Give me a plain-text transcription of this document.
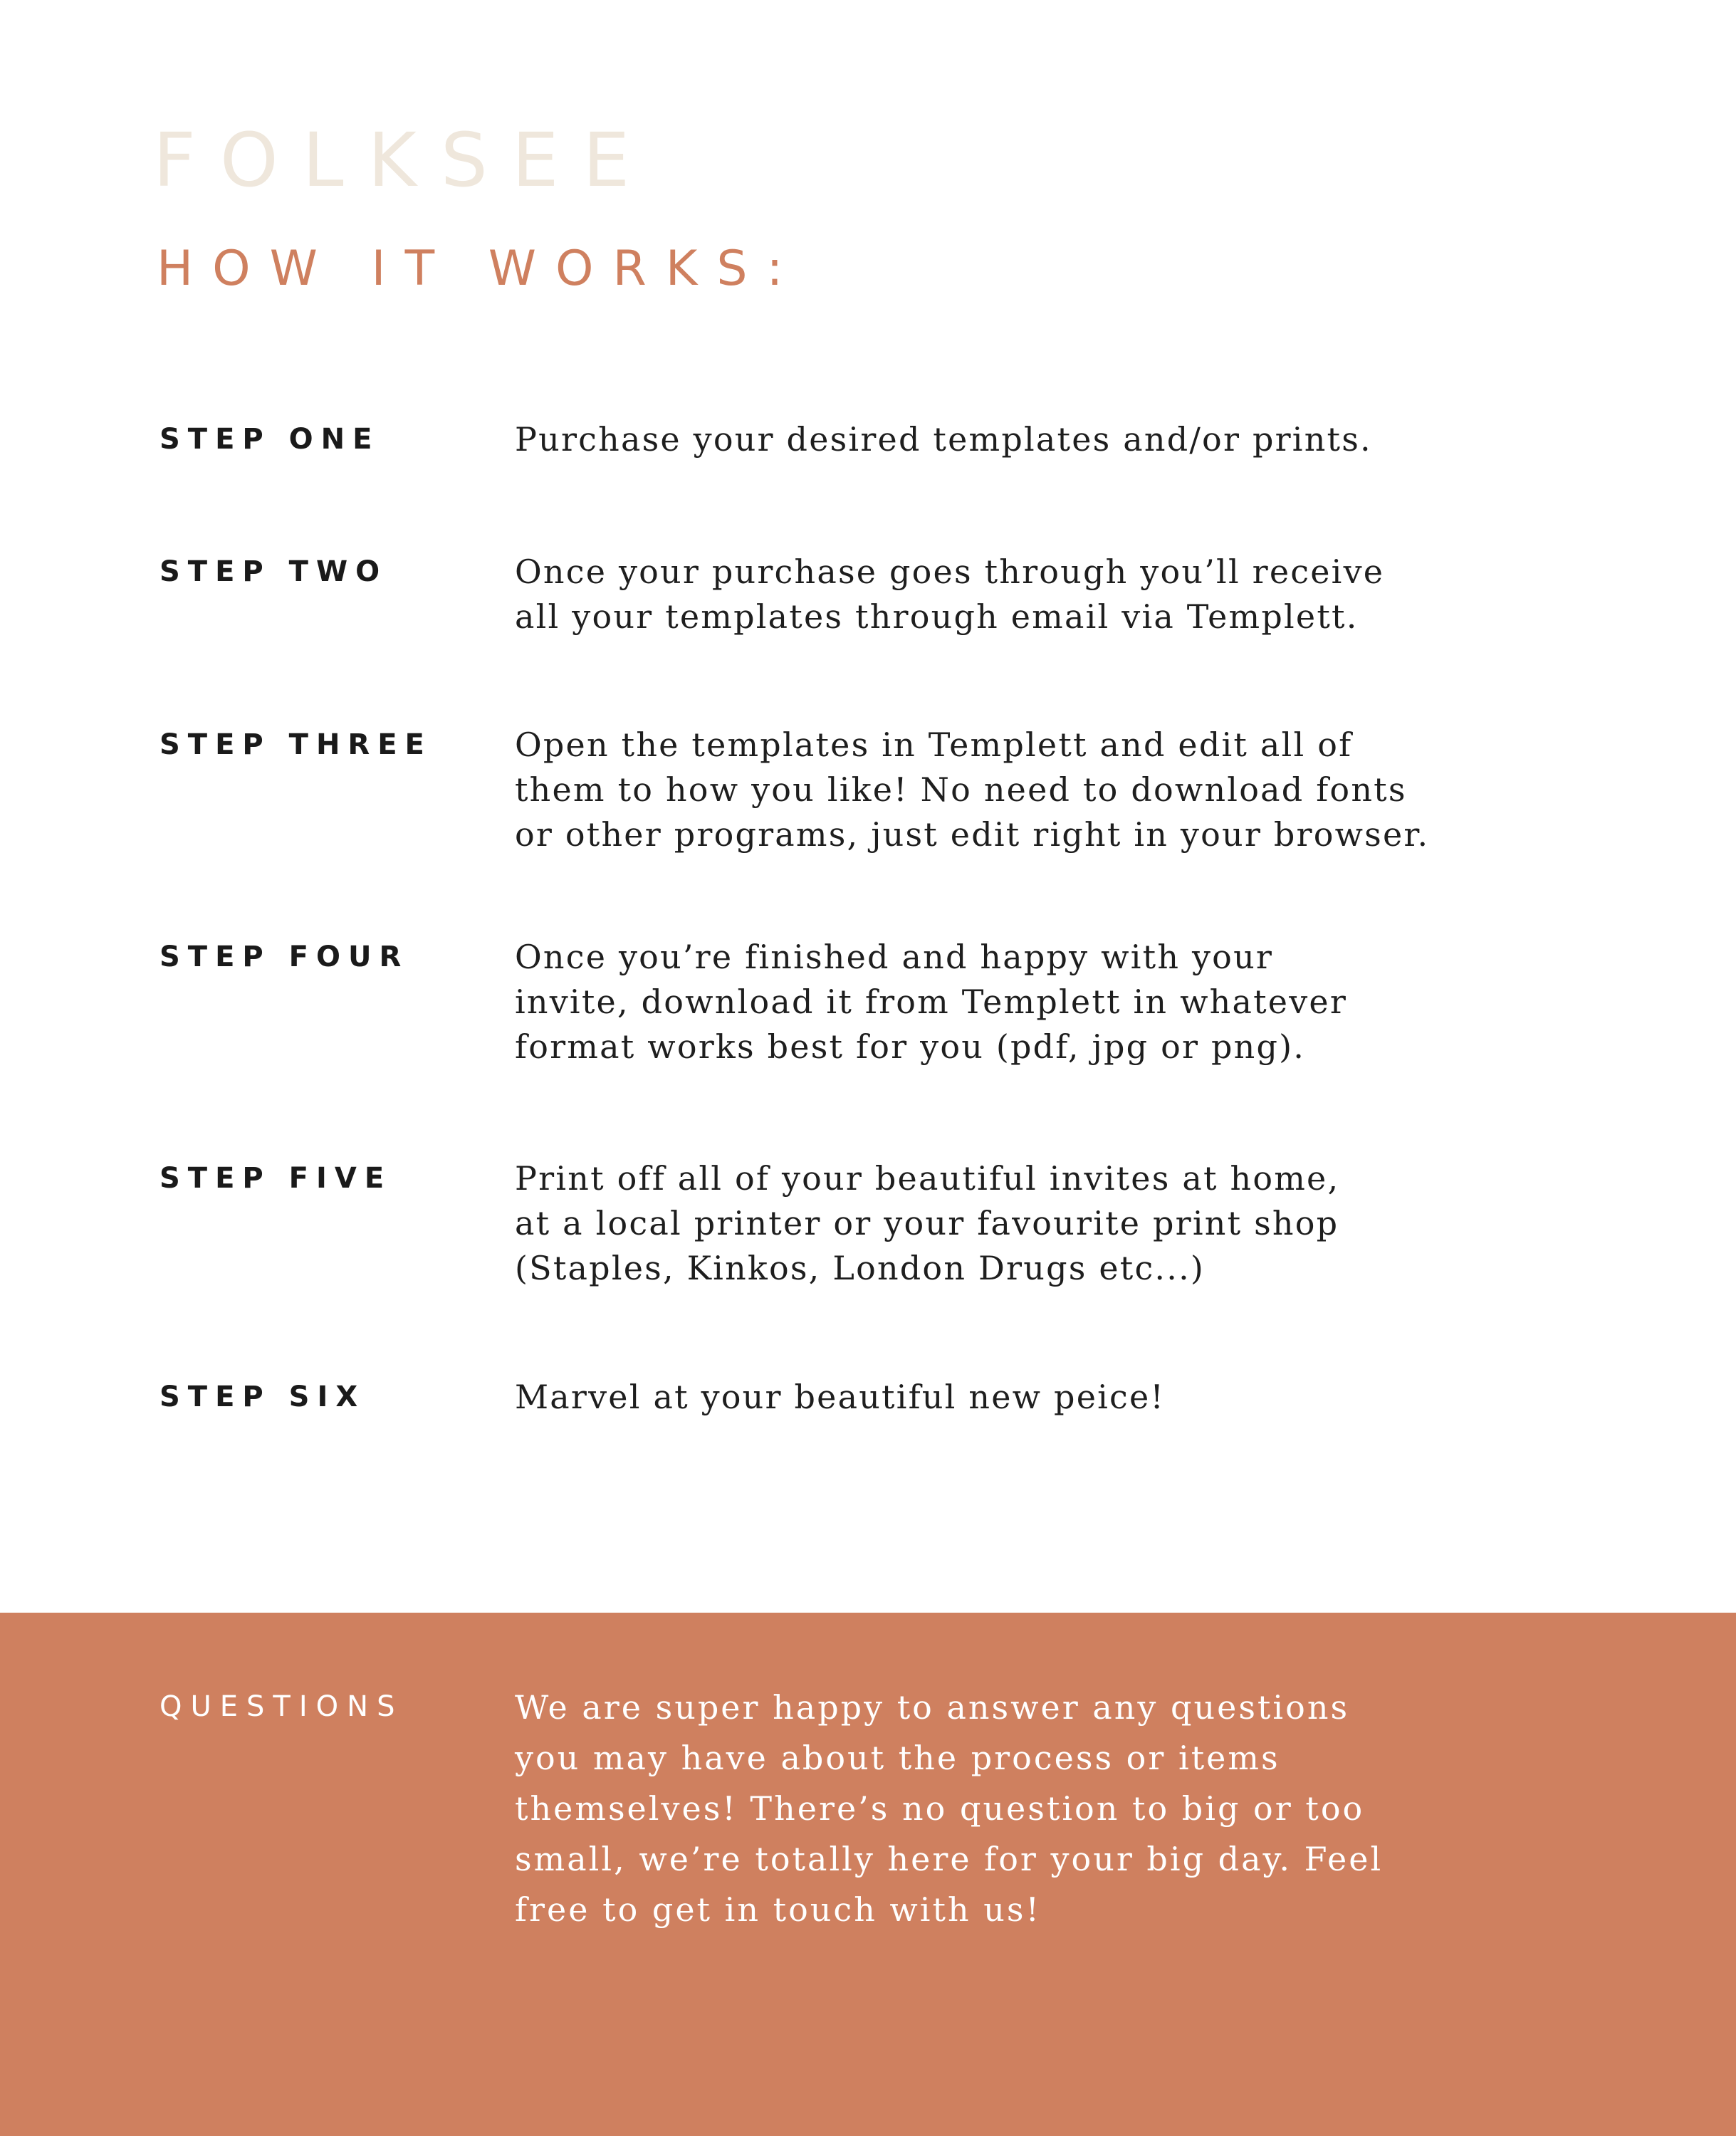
FOLKSEE
HOW IT WORKS:
STEP ONE	Purchase your desired templates and/or prints.
STEP TWO	Once your purchase goes through you’ll receive
all your templates through email via Templett.
STEP THREE	Open the templates in Templett and edit all of
them to how you like! No need to download fonts
or other programs, just edit right in your browser.
STEP FOUR	Once you’re finished and happy with your
invite, download it from Templett in whatever
format works best for you (pdf, jpg or png).
STEP FIVE	Print off all of your beautiful invites at home,
at a local printer or your favourite print shop
(Staples, Kinkos, London Drugs etc...)
STEP SIX	Marvel at your beautiful new peice!
QUESTIONS	We are super happy to answer any questions
you may have about the process or items
themselves! There’s no question to big or too
small, we’re totally here for your big day. Feel
free to get in touch with us!
